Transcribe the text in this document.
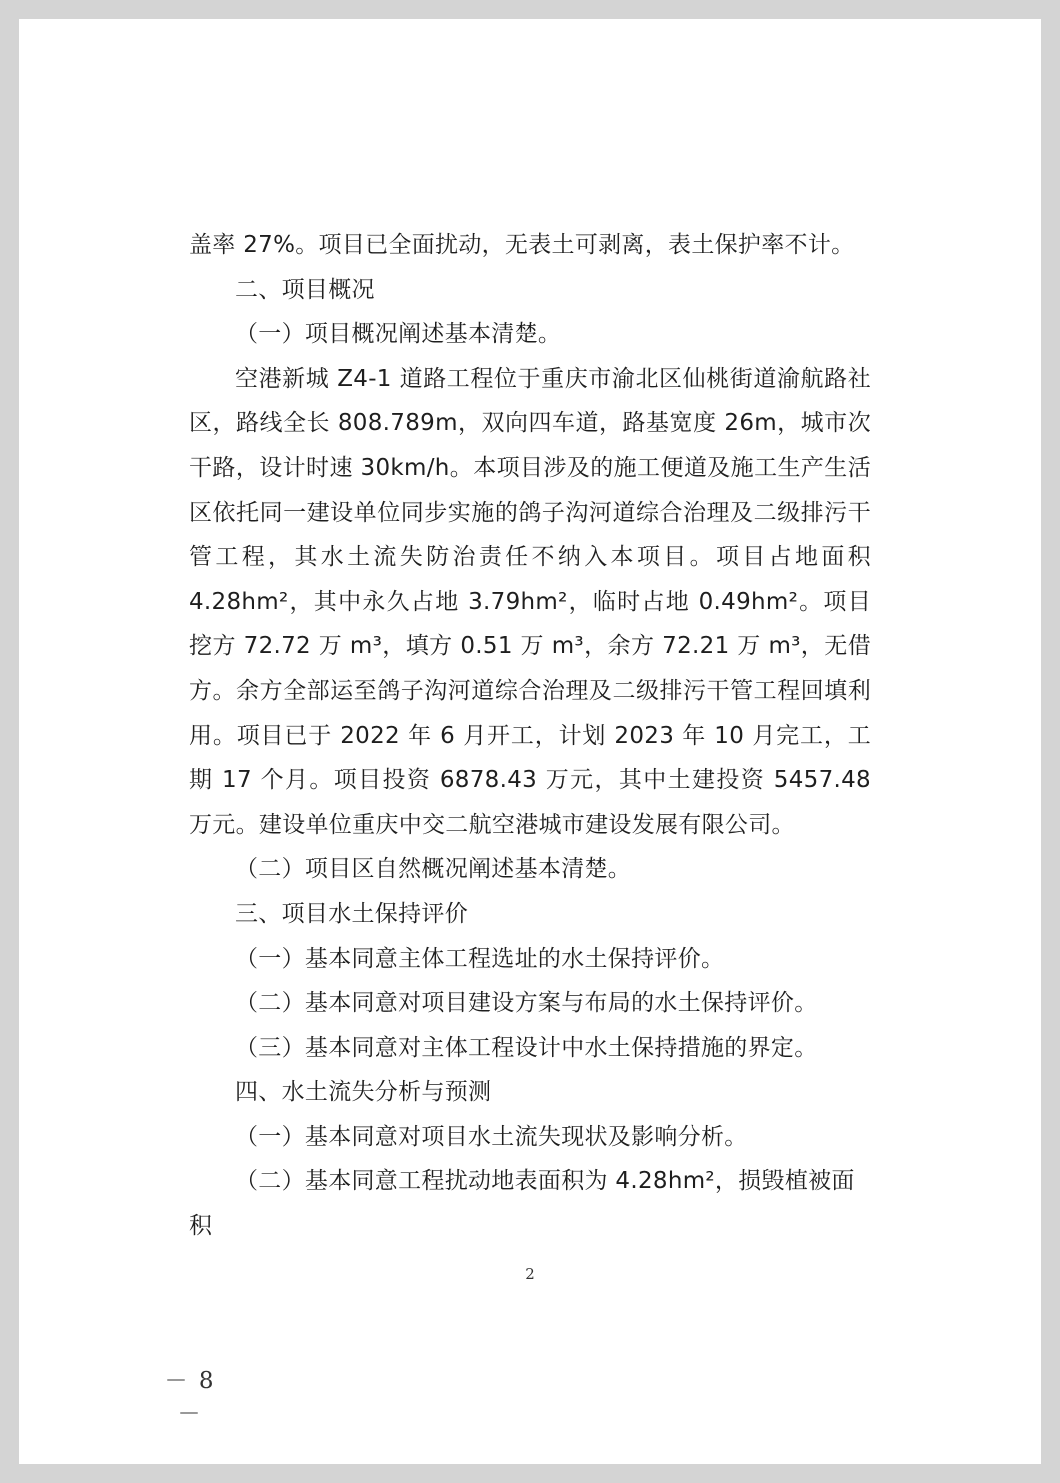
盖率 27%。项目已全面扰动，无表土可剥离，表土保护率不计。

二、项目概况

（一）项目概况阐述基本清楚。

空港新城 Z4-1 道路工程位于重庆市渝北区仙桃街道渝航路社区，路线全长 808.789m，双向四车道，路基宽度 26m，城市次干路，设计时速 30km/h。本项目涉及的施工便道及施工生产生活区依托同一建设单位同步实施的鸽子沟河道综合治理及二级排污干管工程，其水土流失防治责任不纳入本项目。项目占地面积 4.28hm²，其中永久占地 3.79hm²，临时占地 0.49hm²。项目挖方 72.72 万 m³，填方 0.51 万 m³，余方 72.21 万 m³，无借方。余方全部运至鸽子沟河道综合治理及二级排污干管工程回填利用。项目已于 2022 年 6 月开工，计划 2023 年 10 月完工，工期 17 个月。项目投资 6878.43 万元，其中土建投资 5457.48 万元。建设单位重庆中交二航空港城市建设发展有限公司。

（二）项目区自然概况阐述基本清楚。

三、项目水土保持评价

（一）基本同意主体工程选址的水土保持评价。

（二）基本同意对项目建设方案与布局的水土保持评价。

（三）基本同意对主体工程设计中水土保持措施的界定。

四、水土流失分析与预测

（一）基本同意对项目水土流失现状及影响分析。

（二）基本同意工程扰动地表面积为 4.28hm²，损毁植被面积

2
－ 8 －
